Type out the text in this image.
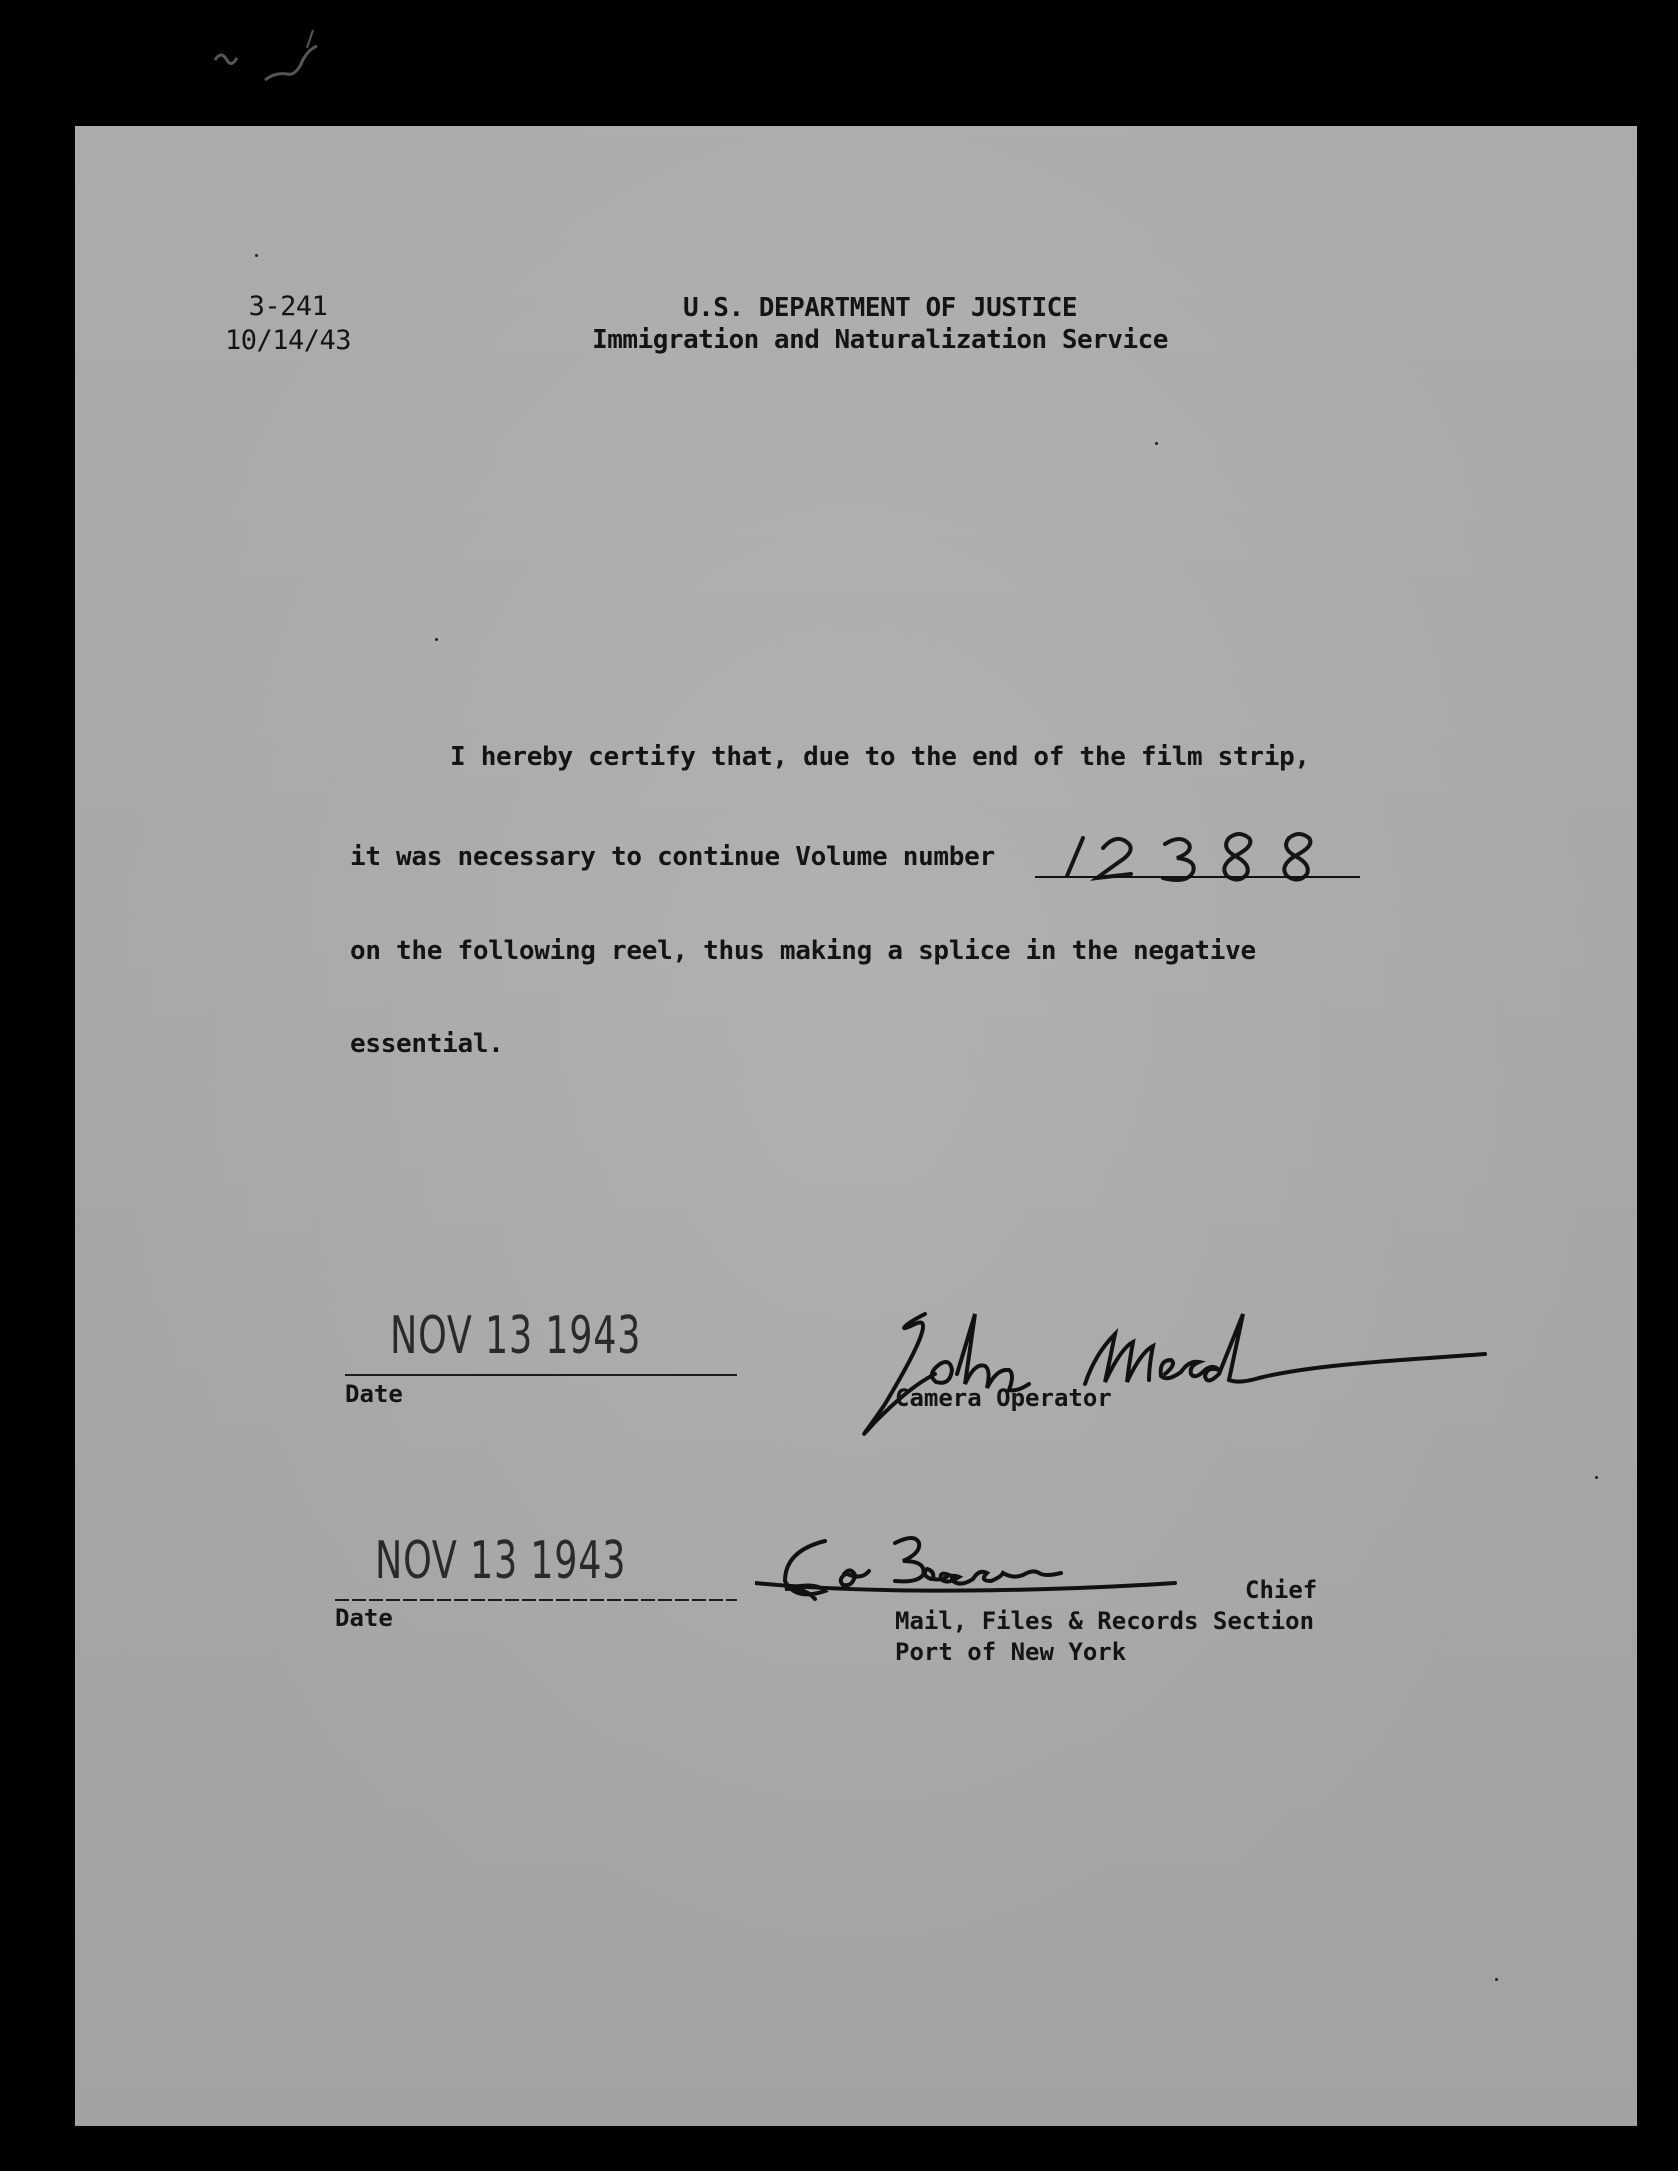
3-241
10/14/43
U.S. DEPARTMENT OF JUSTICE
Immigration and Naturalization Service
I hereby certify that, due to the end of the film strip,
it was necessary to continue Volume number
on the following reel, thus making a splice in the negative
essential.
NOV 13 1943
Date	Camera Operator
NOV 13 1943
Date
Chief
Mail, Files & Records Section
Port of New York
